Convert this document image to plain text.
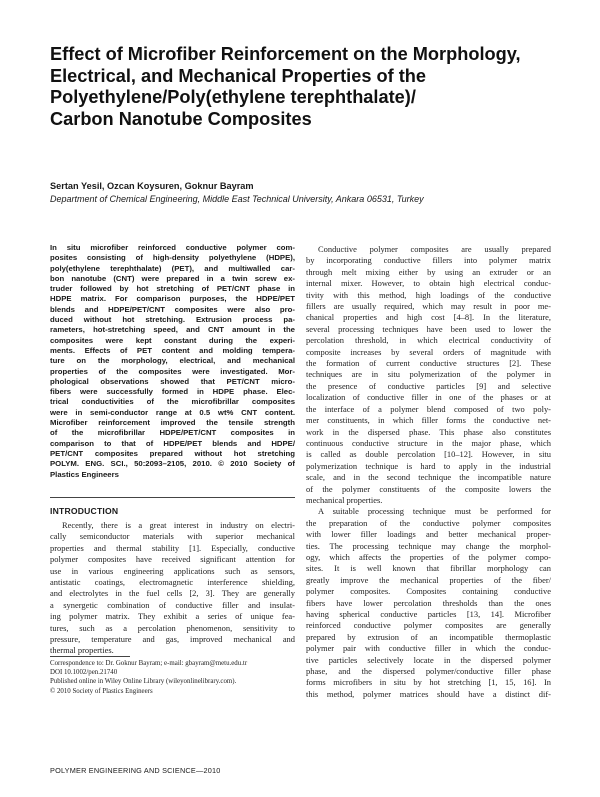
Effect of Microfiber Reinforcement on the Morphology,
Electrical, and Mechanical Properties of the
Polyethylene/Poly(ethylene terephthalate)/
Carbon Nanotube Composites
Sertan Yesil, Ozcan Koysuren, Goknur Bayram
Department of Chemical Engineering, Middle East Technical University, Ankara 06531, Turkey
In situ microfiber reinforced conductive polymer com-
posites consisting of high-density polyethylene (HDPE),
poly(ethylene terephthalate) (PET), and multiwalled car-
bon nanotube (CNT) were prepared in a twin screw ex-
truder followed by hot stretching of PET/CNT phase in
HDPE matrix. For comparison purposes, the HDPE/PET
blends and HDPE/PET/CNT composites were also pro-
duced without hot stretching. Extrusion process pa-
rameters, hot-stretching speed, and CNT amount in the
composites were kept constant during the experi-
ments. Effects of PET content and molding tempera-
ture on the morphology, electrical, and mechanical
properties of the composites were investigated. Mor-
phological observations showed that PET/CNT micro-
fibers were successfully formed in HDPE phase. Elec-
trical conductivities of the microfibrillar composites
were in semi-conductor range at 0.5 wt% CNT content.
Microfiber reinforcement improved the tensile strength
of the microfibrillar HDPE/PET/CNT composites in
comparison to that of HDPE/PET blends and HDPE/
PET/CNT composites prepared without hot stretching
POLYM. ENG. SCI., 50:2093–2105, 2010. © 2010 Society of
Plastics Engineers
INTRODUCTION
Recently, there is a great interest in industry on electri-
cally semiconductor materials with superior mechanical
properties and thermal stability [1]. Especially, conductive
polymer composites have received significant attention for
use in various engineering applications such as sensors,
antistatic coatings, electromagnetic interference shielding,
and electrolytes in the fuel cells [2, 3]. They are generally
a synergetic combination of conductive filler and insulat-
ing polymer matrix. They exhibit a series of unique fea-
tures, such as a percolation phenomenon, sensitivity to
pressure, temperature and gas, improved mechanical and
thermal properties.
Correspondence to: Dr. Goknur Bayram; e-mail: gbayram@metu.edu.tr
DOI 10.1002/pen.21740
Published online in Wiley Online Library (wileyonlinelibrary.com).
© 2010 Society of Plastics Engineers
POLYMER ENGINEERING AND SCIENCE—2010
Conductive polymer composites are usually prepared
by incorporating conductive fillers into polymer matrix
through melt mixing either by using an extruder or an
internal mixer. However, to obtain high electrical conduc-
tivity with this method, high loadings of the conductive
fillers are usually required, which may result in poor me-
chanical properties and high cost [4–8]. In the literature,
several processing techniques have been used to lower the
percolation threshold, in which electrical conductivity of
composite increases by several orders of magnitude with
the formation of current conductive structures [2]. These
techniques are in situ polymerization of the polymer in
the presence of conductive particles [9] and selective
localization of conductive filler in one of the phases or at
the interface of a polymer blend composed of two poly-
mer constituents, in which filler forms the conductive net-
work in the dispersed phase. This phase also constitutes
continuous conductive structure in the major phase, which
is called as double percolation [10–12]. However, in situ
polymerization technique is hard to apply in the industrial
scale, and in the second technique the incompatible nature
of the polymer constituents of the composite lowers the
mechanical properties.
A suitable processing technique must be performed for
the preparation of the conductive polymer composites
with lower filler loadings and better mechanical proper-
ties. The processing technique may change the morphol-
ogy, which affects the properties of the polymer compo-
sites. It is well known that fibrillar morphology can
greatly improve the mechanical properties of the fiber/
polymer composites. Composites containing conductive
fibers have lower percolation thresholds than the ones
having spherical conductive particles [13, 14]. Microfiber
reinforced conductive polymer composites are generally
prepared by extrusion of an incompatible thermoplastic
polymer pair with conductive filler in which the conduc-
tive particles selectively locate in the dispersed polymer
phase, and the dispersed polymer/conductive filler phase
forms microfibers in situ by hot stretching [1, 15, 16]. In
this method, polymer matrices should have a distinct dif-
